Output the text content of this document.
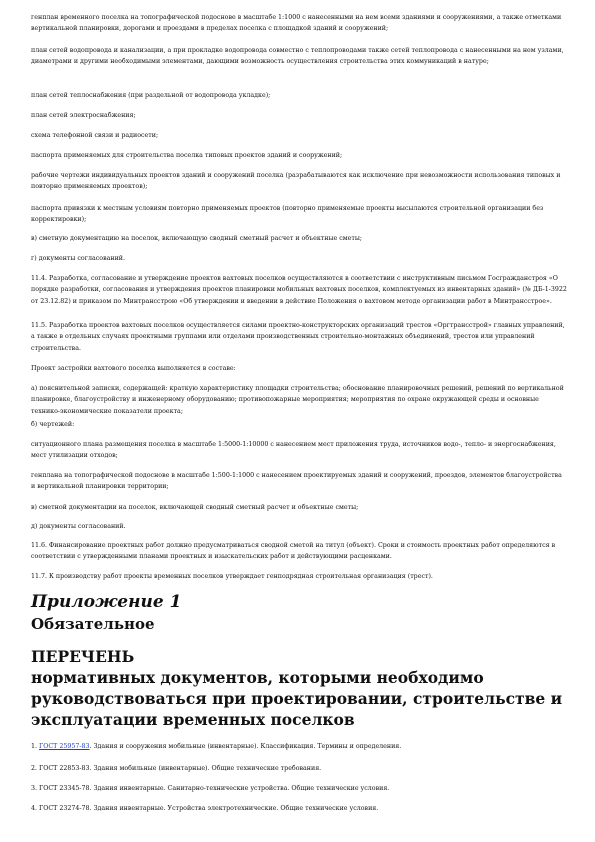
генплан временного поселка на топографической подоснове в масштабе 1:1000 с нанесенными на нем всеми зданиями и сооружениями, а также отметками вертикальной планировки, дорогами и проездами в пределах поселка с площадкой зданий и сооружений;

план сетей водопровода и канализации, а при прокладке водопровода совместно с теплопроводами также сетей теплопровода с нанесенными на нем узлами, диаметрами и другими необходимыми элементами, дающими возможность осуществления строительства этих коммуникаций в натуре;

план сетей теплоснабжения (при раздельной от водопровода укладке);

план сетей электроснабжения;

схема телефонной связи и радиосети;

паспорта применяемых для строительства поселка типовых проектов зданий и сооружений;

рабочие чертежи индивидуальных проектов зданий и сооружений поселка (разрабатываются как исключение при невозможности использования типовых и повторно применяемых проектов);

паспорта привязки к местным условиям повторно применяемых проектов (повторно применяемые проекты высылаются строительной организации без корректировки);

в) сметную документацию на поселок, включающую сводный сметный расчет и объектные сметы;

г) документы согласований.

11.4. Разработка, согласование и утверждение проектов вахтовых поселков осуществляются в соответствии с инструктивным письмом Госгражданстроя «О порядке разработки, согласования и утверждения проектов планировки мобильных вахтовых поселков, комплектуемых из инвентарных зданий» (№ ДБ-1-3922 от 23.12.82) и приказом по Минтрансстрою «Об утверждении и введении в действие Положения о вахтовом методе организации работ в Минтрансстрое».

11.5. Разработка проектов вахтовых поселков осуществляется силами проектно-конструкторских организаций трестов «Оргтрансстрой» главных управлений, а также в отдельных случаях проектными группами или отделами производственных строительно-монтажных объединений, трестов или управлений строительства.

Проект застройки вахтового поселка выполняется в составе:

а) пояснительной записки, содержащей: краткую характеристику площадки строительства; обоснование планировочных решений, решений по вертикальной планировке, благоустройству и инженерному оборудованию; противопожарные мероприятия; мероприятия по охране окружающей среды и основные технико-экономические показатели проекта;

б) чертежей:

ситуационного плана размещения поселка в масштабе 1:5000-1:10000 с нанесением мест приложения труда, источников водо-, тепло- и энергоснабжения, мест утилизации отходов;

генплана на топографической подоснове в масштабе 1:500-1:1000 с нанесением проектируемых зданий и сооружений, проездов, элементов благоустройства и вертикальной планировки территории;

в) сметной документации на поселок, включающей сводный сметный расчет и объектные сметы;

д) документы согласований.

11.6. Финансирование проектных работ должно предусматриваться сводной сметой на титул (объект). Сроки и стоимость проектных работ определяются в соответствии с утвержденными планами проектных и изыскательских работ и действующими расценками.

11.7. К производству работ проекты временных поселков утверждает генподрядная строительная организация (трест).

Приложение 1
Обязательное
ПЕРЕЧЕНЬ
нормативных документов, которыми необходимо
руководствоваться при проектировании, строительстве и
эксплуатации временных поселков
1. ГОСТ 25957-83. Здания и сооружения мобильные (инвентарные). Классификация. Термины и определения.
2. ГОСТ 22853-83. Здания мобильные (инвентарные). Общие технические требования.
3. ГОСТ 23345-78. Здания инвентарные. Санитарно-технические устройства. Общие технические условия.
4. ГОСТ 23274-78. Здания инвентарные. Устройства электротехнические. Общие технические условия.
